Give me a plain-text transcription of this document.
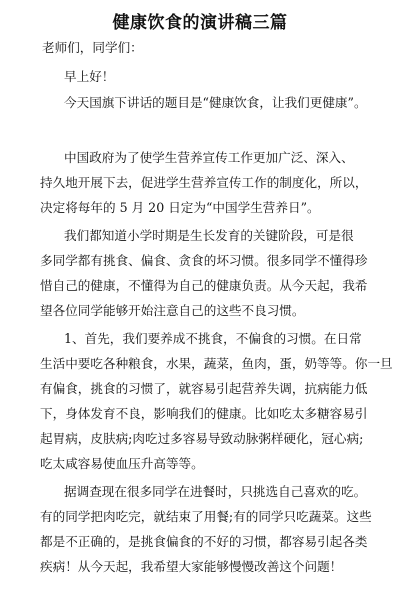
健康饮食的演讲稿三篇
老师们，同学们：
早上好！
今天国旗下讲话的题目是“健康饮食，让我们更健康”。
中国政府为了使学生营养宣传工作更加广泛、深入、
持久地开展下去，促进学生营养宣传工作的制度化，所以，
决定将每年的 5 月 20 日定为“中国学生营养日”。
我们都知道小学时期是生长发育的关键阶段，可是很
多同学都有挑食、偏食、贪食的坏习惯。很多同学不懂得珍
惜自己的健康，不懂得为自己的健康负责。从今天起，我希
望各位同学能够开始注意自己的这些不良习惯。
1、首先，我们要养成不挑食，不偏食的习惯。在日常
生活中要吃各种粮食，水果，蔬菜，鱼肉，蛋，奶等等。你一旦
有偏食，挑食的习惯了，就容易引起营养失调，抗病能力低
下，身体发育不良，影响我们的健康。比如吃太多糖容易引
起胃病，皮肤病;肉吃过多容易导致动脉粥样硬化，冠心病;
吃太咸容易使血压升高等等。
据调查现在很多同学在进餐时，只挑选自己喜欢的吃。
有的同学把肉吃完，就结束了用餐;有的同学只吃蔬菜。这些
都是不正确的，是挑食偏食的不好的习惯，都容易引起各类
疾病！从今天起，我希望大家能够慢慢改善这个问题！
